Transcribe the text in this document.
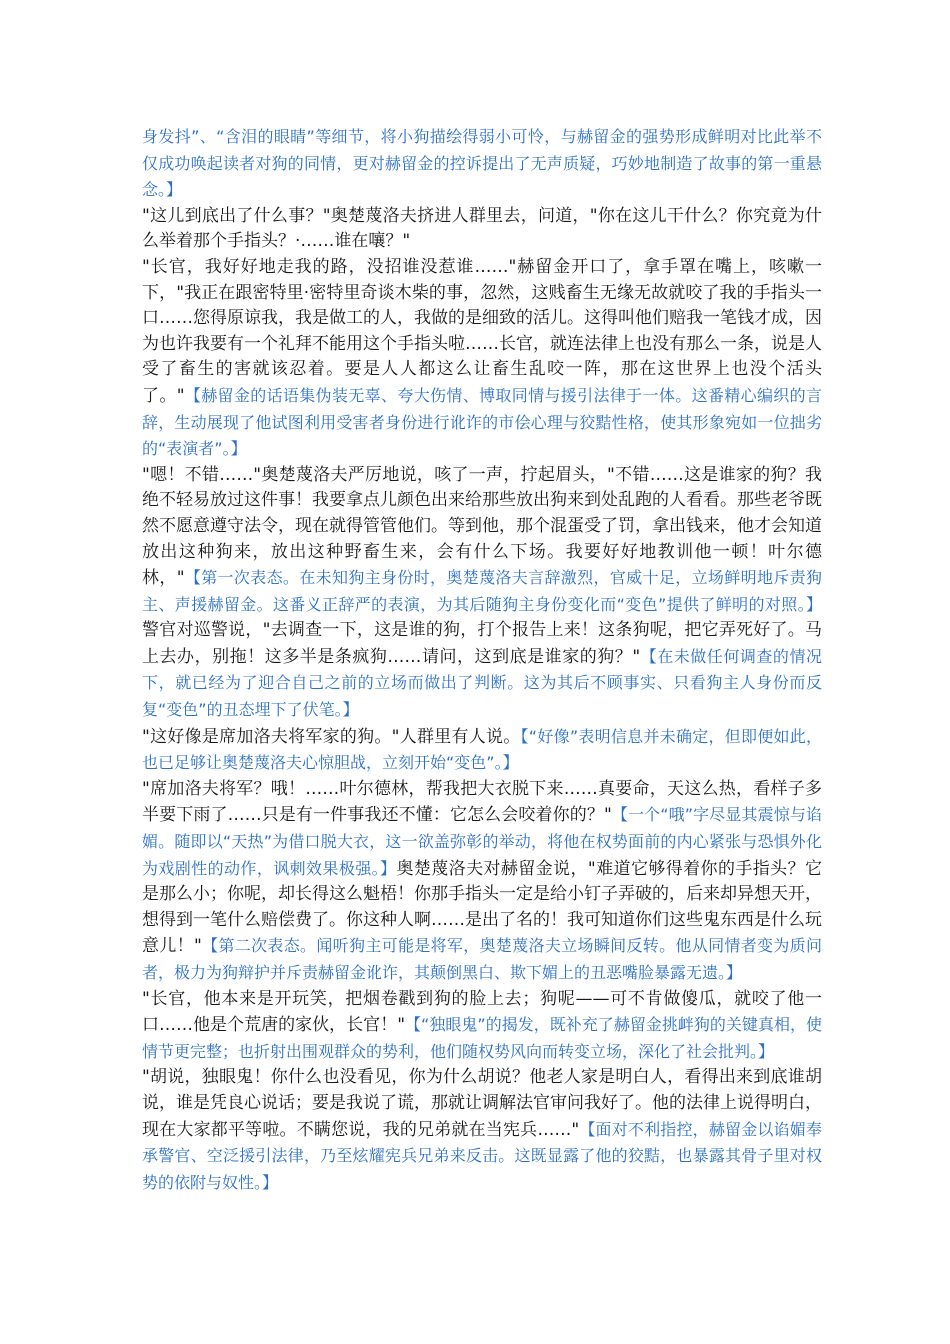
身发抖”、“含泪的眼睛”等细节，将小狗描绘得弱小可怜，与赫留金的强势形成鲜明对比此举不仅成功唤起读者对狗的同情，更对赫留金的控诉提出了无声质疑，巧妙地制造了故事的第一重悬念。】

"这儿到底出了什么事？"奥楚蔑洛夫挤进人群里去，问道，"你在这儿干什么？你究竟为什么举着那个手指头？·……谁在嚷？"

"长官，我好好地走我的路，没招谁没惹谁……"赫留金开口了，拿手罩在嘴上，咳嗽一下，"我正在跟密特里·密特里奇谈木柴的事，忽然，这贱畜生无缘无故就咬了我的手指头一口……您得原谅我，我是做工的人，我做的是细致的活儿。这得叫他们赔我一笔钱才成，因为也许我要有一个礼拜不能用这个手指头啦……长官，就连法律上也没有那么一条，说是人受了畜生的害就该忍着。要是人人都这么让畜生乱咬一阵，那在这世界上也没个活头了。"【赫留金的话语集伪装无辜、夸大伤情、博取同情与援引法律于一体。这番精心编织的言辞，生动展现了他试图利用受害者身份进行讹诈的市侩心理与狡黠性格，使其形象宛如一位拙劣的“表演者”。】

"嗯！不错……"奥楚蔑洛夫严厉地说，咳了一声，拧起眉头，"不错……这是谁家的狗？我绝不轻易放过这件事！我要拿点儿颜色出来给那些放出狗来到处乱跑的人看看。那些老爷既然不愿意遵守法令，现在就得管管他们。等到他，那个混蛋受了罚，拿出钱来，他才会知道放出这种狗来，放出这种野畜生来，会有什么下场。我要好好地教训他一顿！叶尔德林，"【第一次表态。在未知狗主身份时，奥楚蔑洛夫言辞激烈，官威十足，立场鲜明地斥责狗主、声援赫留金。这番义正辞严的表演，为其后随狗主身份变化而“变色”提供了鲜明的对照。】警官对巡警说，"去调查一下，这是谁的狗，打个报告上来！这条狗呢，把它弄死好了。马上去办，别拖！这多半是条疯狗……请问，这到底是谁家的狗？"【在未做任何调查的情况下，就已经为了迎合自己之前的立场而做出了判断。这为其后不顾事实、只看狗主人身份而反复“变色”的丑态埋下了伏笔。】

"这好像是席加洛夫将军家的狗。"人群里有人说。【“好像”表明信息并未确定，但即便如此，也已足够让奥楚蔑洛夫心惊胆战，立刻开始“变色”。】

"席加洛夫将军？哦！……叶尔德林，帮我把大衣脱下来……真要命，天这么热，看样子多半要下雨了……只是有一件事我还不懂：它怎么会咬着你的？"【一个“哦”字尽显其震惊与谄媚。随即以“天热”为借口脱大衣，这一欲盖弥彰的举动，将他在权势面前的内心紧张与恐惧外化为戏剧性的动作，讽刺效果极强。】奥楚蔑洛夫对赫留金说，"难道它够得着你的手指头？它是那么小；你呢，却长得这么魁梧！你那手指头一定是给小钉子弄破的，后来却异想天开，想得到一笔什么赔偿费了。你这种人啊……是出了名的！我可知道你们这些鬼东西是什么玩意儿！"【第二次表态。闻听狗主可能是将军，奥楚蔑洛夫立场瞬间反转。他从同情者变为质问者，极力为狗辩护并斥责赫留金讹诈，其颠倒黑白、欺下媚上的丑恶嘴脸暴露无遗。】

"长官，他本来是开玩笑，把烟卷戳到狗的脸上去；狗呢——可不肯做傻瓜，就咬了他一口……他是个荒唐的家伙，长官！"【“独眼鬼”的揭发，既补充了赫留金挑衅狗的关键真相，使情节更完整；也折射出围观群众的势利，他们随权势风向而转变立场，深化了社会批判。】

"胡说，独眼鬼！你什么也没看见，你为什么胡说？他老人家是明白人，看得出来到底谁胡说，谁是凭良心说话；要是我说了谎，那就让调解法官审问我好了。他的法律上说得明白，现在大家都平等啦。不瞒您说，我的兄弟就在当宪兵……"【面对不利指控，赫留金以谄媚奉承警官、空泛援引法律，乃至炫耀宪兵兄弟来反击。这既显露了他的狡黠，也暴露其骨子里对权势的依附与奴性。】
